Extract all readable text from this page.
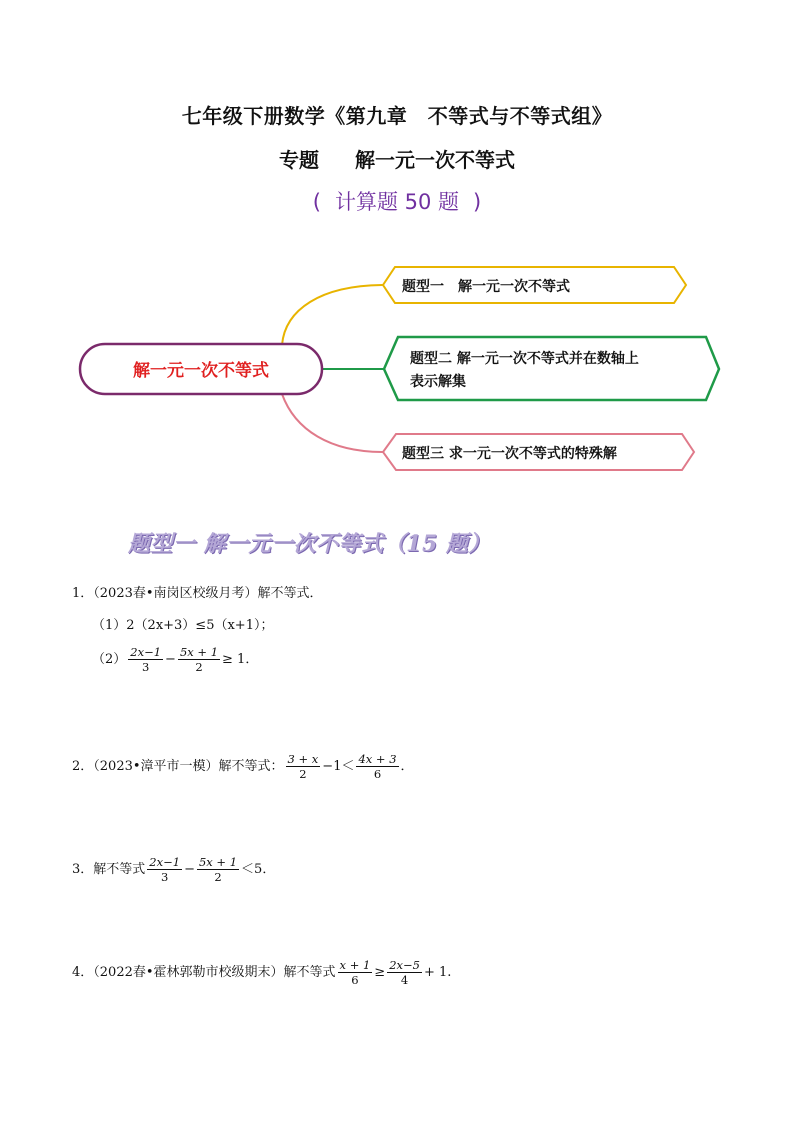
七年级下册数学《第九章　不等式与不等式组》
专题 解一元一次不等式
( 计算题 50 题 )
解一元一次不等式
题型一　解一元一次不等式
题型二 解一元一次不等式并在数轴上
表示解集
题型三 求一元一次不等式的特殊解
题型一 解一元一次不等式（15 题）
1．（2023春•南岗区校级月考）解不等式．
（1）2（2x+3）≤5（x+1）；
$(2) \frac{2x-1}{3} - \frac{5x + 1}{2} \ge 1$．
2．（2023•漳平市一模）解不等式： $\frac{3 + x}{2} -1< \frac{4x + 3}{6}$ ．
3．解不等式 $\frac{2x-1}{3} - \frac{5x + 1}{2} <5$．
4．（2022春•霍林郭勒市校级期末）解不等式 $\frac{x + 1}{6} \ge \frac{2x-5}{4} + 1$.
